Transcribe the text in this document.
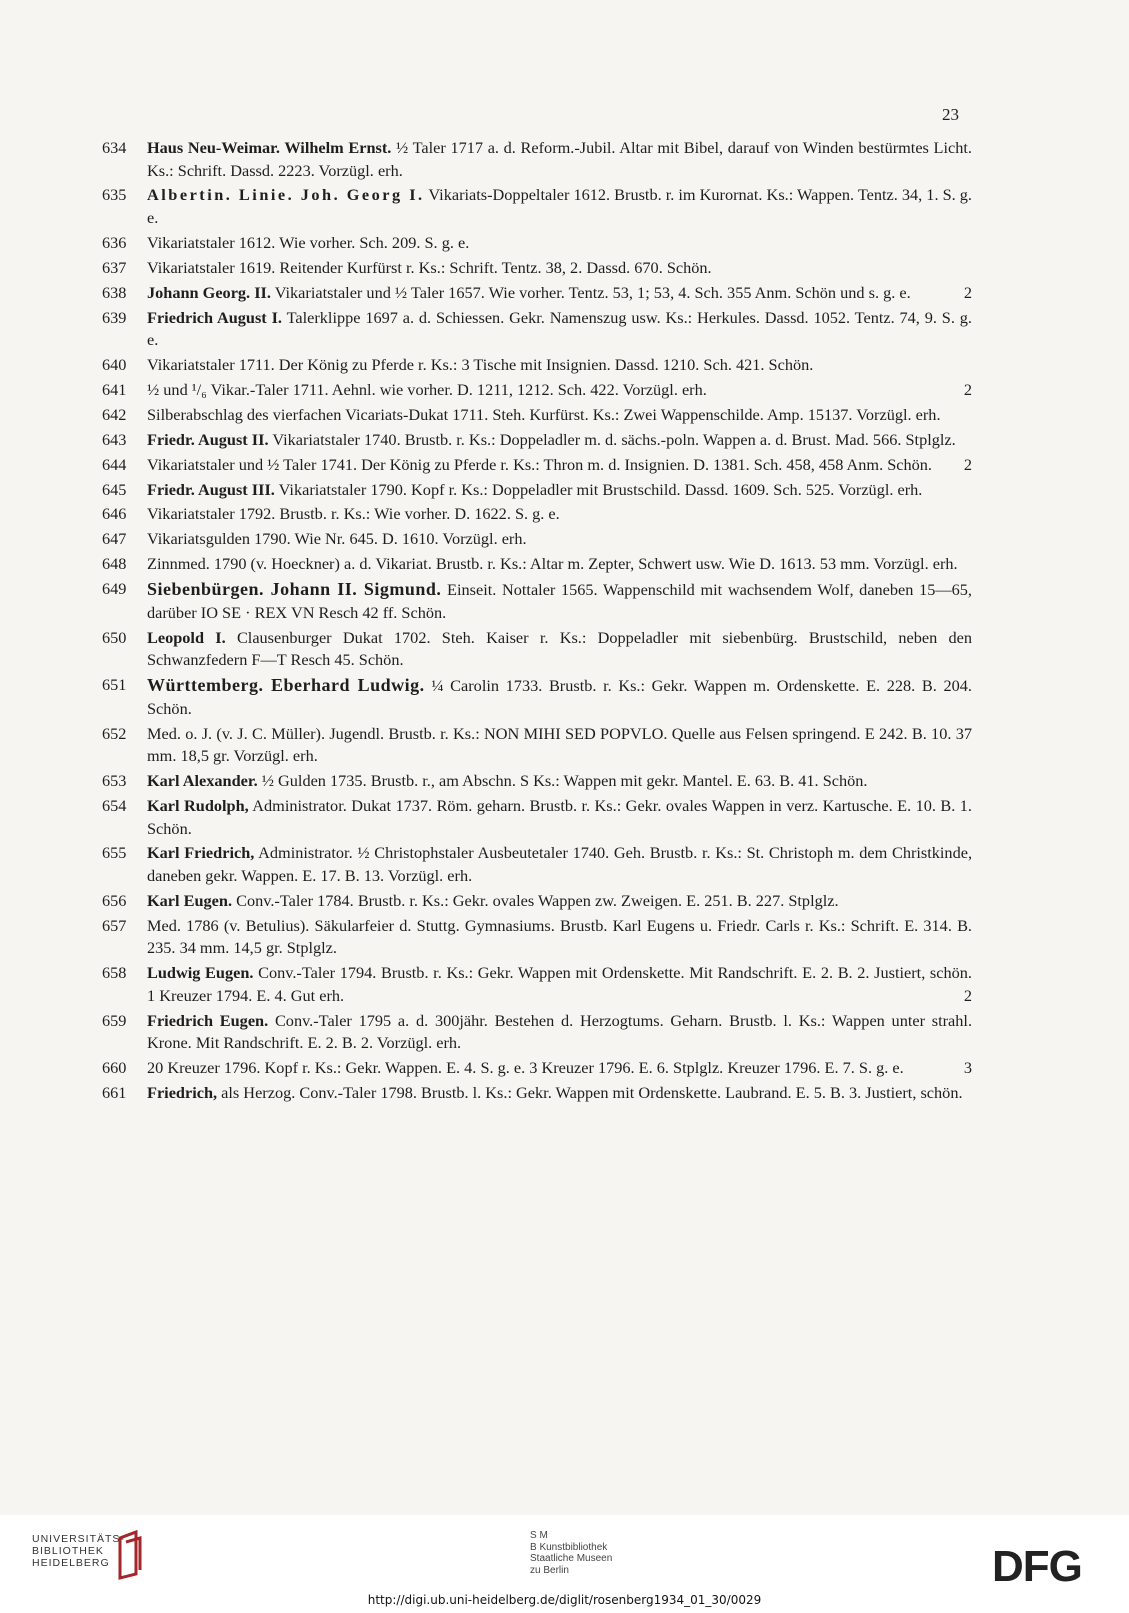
23
634	Haus Neu-Weimar. Wilhelm Ernst. ½ Taler 1717 a. d. Reform.-Jubil. Altar mit Bibel, darauf von Winden bestürmtes Licht. Ks.: Schrift. Dassd. 2223. Vorzügl. erh.
635	Albertin. Linie. Joh. Georg I. Vikariats-Doppeltaler 1612. Brustb. r. im Kurornat. Ks.: Wappen. Tentz. 34, 1. S. g. e.
636	Vikariatstaler 1612. Wie vorher. Sch. 209. S. g. e.
637	Vikariatstaler 1619. Reitender Kurfürst r. Ks.: Schrift. Tentz. 38, 2. Dassd. 670. Schön.
638	Johann Georg. II. Vikariatstaler und ½ Taler 1657. Wie vorher. Tentz. 53, 1; 53, 4. Sch. 355 Anm. Schön und s. g. e.	2
639	Friedrich August I. Talerklippe 1697 a. d. Schiessen. Gekr. Namenszug usw. Ks.: Herkules. Dassd. 1052. Tentz. 74, 9. S. g. e.
640	Vikariatstaler 1711. Der König zu Pferde r. Ks.: 3 Tische mit Insignien. Dassd. 1210. Sch. 421. Schön.
641	½ und ¹/₆ Vikar.-Taler 1711. Aehnl. wie vorher. D. 1211, 1212. Sch. 422. Vorzügl. erh.	2
642	Silberabschlag des vierfachen Vicariats-Dukat 1711. Steh. Kurfürst. Ks.: Zwei Wappenschilde. Amp. 15137. Vorzügl. erh.
643	Friedr. August II. Vikariatstaler 1740. Brustb. r. Ks.: Doppeladler m. d. sächs.-poln. Wappen a. d. Brust. Mad. 566. Stplglz.
644	Vikariatstaler und ½ Taler 1741. Der König zu Pferde r. Ks.: Thron m. d. Insignien. D. 1381. Sch. 458, 458 Anm. Schön.	2
645	Friedr. August III. Vikariatstaler 1790. Kopf r. Ks.: Doppeladler mit Brustschild. Dassd. 1609. Sch. 525. Vorzügl. erh.
646	Vikariatstaler 1792. Brustb. r. Ks.: Wie vorher. D. 1622. S. g. e.
647	Vikariatsgulden 1790. Wie Nr. 645. D. 1610. Vorzügl. erh.
648	Zinnmed. 1790 (v. Hoeckner) a. d. Vikariat. Brustb. r. Ks.: Altar m. Zepter, Schwert usw. Wie D. 1613. 53 mm. Vorzügl. erh.
649	Siebenbürgen. Johann II. Sigmund. Einseit. Nottaler 1565. Wappenschild mit wachsendem Wolf, daneben 15—65, darüber IO SE · REX VN Resch 42 ff. Schön.
650	Leopold I. Clausenburger Dukat 1702. Steh. Kaiser r. Ks.: Doppeladler mit siebenbürg. Brustschild, neben den Schwanzfedern F—T Resch 45. Schön.
651	Württemberg. Eberhard Ludwig. ¼ Carolin 1733. Brustb. r. Ks.: Gekr. Wappen m. Ordenskette. E. 228. B. 204. Schön.
652	Med. o. J. (v. J. C. Müller). Jugendl. Brustb. r. Ks.: NON MIHI SED POPVLO. Quelle aus Felsen springend. E 242. B. 10. 37 mm. 18,5 gr. Vorzügl. erh.
653	Karl Alexander. ½ Gulden 1735. Brustb. r., am Abschn. S Ks.: Wappen mit gekr. Mantel. E. 63. B. 41. Schön.
654	Karl Rudolph, Administrator. Dukat 1737. Röm. geharn. Brustb. r. Ks.: Gekr. ovales Wappen in verz. Kartusche. E. 10. B. 1. Schön.
655	Karl Friedrich, Administrator. ½ Christophstaler Ausbeutetaler 1740. Geh. Brustb. r. Ks.: St. Christoph m. dem Christkinde, daneben gekr. Wappen. E. 17. B. 13. Vorzügl. erh.
656	Karl Eugen. Conv.-Taler 1784. Brustb. r. Ks.: Gekr. ovales Wappen zw. Zweigen. E. 251. B. 227. Stplglz.
657	Med. 1786 (v. Betulius). Säkularfeier d. Stuttg. Gymnasiums. Brustb. Karl Eugens u. Friedr. Carls r. Ks.: Schrift. E. 314. B. 235. 34 mm. 14,5 gr. Stplglz.
658	Ludwig Eugen. Conv.-Taler 1794. Brustb. r. Ks.: Gekr. Wappen mit Ordenskette. Mit Randschrift. E. 2. B. 2. Justiert, schön. 1 Kreuzer 1794. E. 4. Gut erh.	2
659	Friedrich Eugen. Conv.-Taler 1795 a. d. 300jähr. Bestehen d. Herzogtums. Geharn. Brustb. l. Ks.: Wappen unter strahl. Krone. Mit Randschrift. E. 2. B. 2. Vorzügl. erh.
660	20 Kreuzer 1796. Kopf r. Ks.: Gekr. Wappen. E. 4. S. g. e. 3 Kreuzer 1796. E. 6. Stplglz. Kreuzer 1796. E. 7. S. g. e.	3
661	Friedrich, als Herzog. Conv.-Taler 1798. Brustb. l. Ks.: Gekr. Wappen mit Ordenskette. Laubrand. E. 5. B. 3. Justiert, schön.
UNIVERSITÄTS-
BIBLIOTHEK
HEIDELBERG
S M
B Kunstbibliothek
Staatliche Museen
zu Berlin	DFG
http://digi.ub.uni-heidelberg.de/diglit/rosenberg1934_01_30/0029
